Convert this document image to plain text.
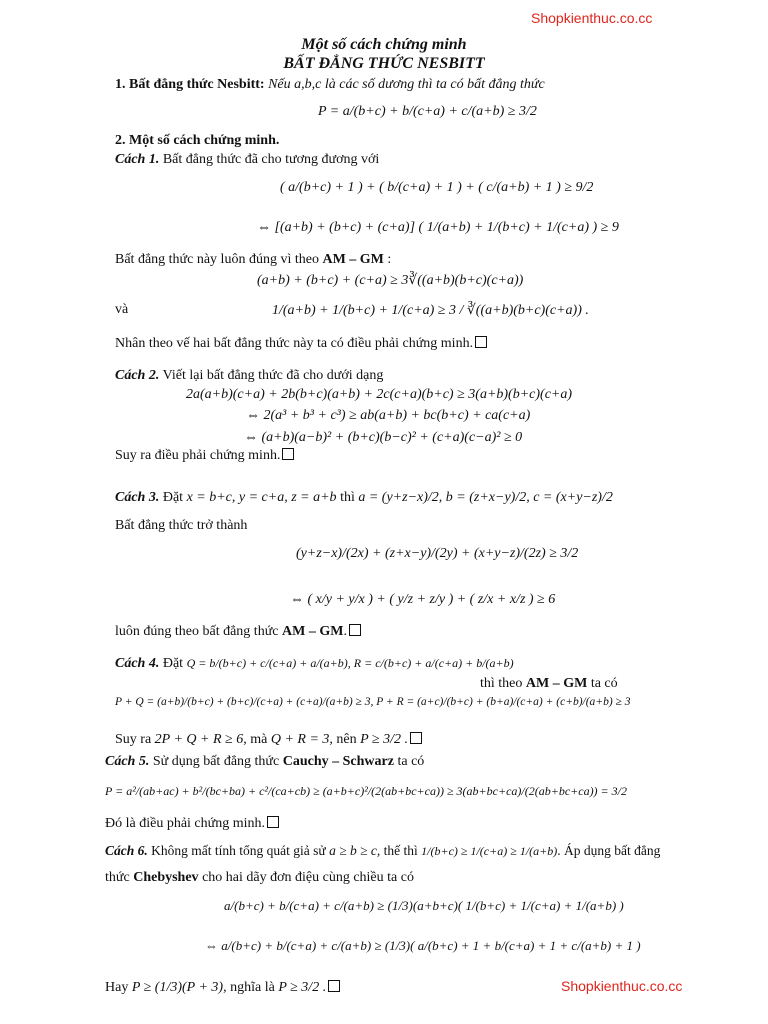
Shopkienthuc.co.cc
Shopkienthuc.co.cc
Một số cách chứng minh
BẤT ĐẲNG THỨC NESBITT
1. Bất đẳng thức Nesbitt: Nếu a,b,c là các số dương thì ta có bất đẳng thức
P = a/(b+c) + b/(c+a) + c/(a+b) ≥ 3/2
2. Một số cách chứng minh.
Cách 1. Bất đẳng thức đã cho tương đương với
( a/(b+c) + 1 ) + ( b/(c+a) + 1 ) + ( c/(a+b) + 1 ) ≥ 9/2
⇔ [(a+b) + (b+c) + (c+a)] ( 1/(a+b) + 1/(b+c) + 1/(c+a) ) ≥ 9
Bất đẳng thức này luôn đúng vì theo AM – GM :
(a+b) + (b+c) + (c+a) ≥ 3∛((a+b)(b+c)(c+a))
và	1/(a+b) + 1/(b+c) + 1/(c+a) ≥ 3 / ∛((a+b)(b+c)(c+a)) .
Nhân theo vế hai bất đẳng thức này ta có điều phải chứng minh.
Cách 2. Viết lại bất đẳng thức đã cho dưới dạng
2a(a+b)(c+a) + 2b(b+c)(a+b) + 2c(c+a)(b+c) ≥ 3(a+b)(b+c)(c+a)
⇔ 2(a³ + b³ + c³) ≥ ab(a+b) + bc(b+c) + ca(c+a)
⇔ (a+b)(a−b)² + (b+c)(b−c)² + (c+a)(c−a)² ≥ 0
Suy ra điều phải chứng minh.
Cách 3. Đặt x = b+c, y = c+a, z = a+b thì a = (y+z−x)/2, b = (z+x−y)/2, c = (x+y−z)/2
Bất đẳng thức trở thành
(y+z−x)/(2x) + (z+x−y)/(2y) + (x+y−z)/(2z) ≥ 3/2
⇔ ( x/y + y/x ) + ( y/z + z/y ) + ( z/x + x/z ) ≥ 6
luôn đúng theo bất đẳng thức AM – GM.
Cách 4. Đặt Q = b/(b+c) + c/(c+a) + a/(a+b), R = c/(b+c) + a/(c+a) + b/(a+b)
thì theo AM – GM ta có
P + Q = (a+b)/(b+c) + (b+c)/(c+a) + (c+a)/(a+b) ≥ 3, P + R = (a+c)/(b+c) + (b+a)/(c+a) + (c+b)/(a+b) ≥ 3
Suy ra 2P + Q + R ≥ 6, mà Q + R = 3, nên P ≥ 3/2 .
Cách 5. Sử dụng bất đẳng thức Cauchy – Schwarz ta có
P = a²/(ab+ac) + b²/(bc+ba) + c²/(ca+cb) ≥ (a+b+c)²/(2(ab+bc+ca)) ≥ 3(ab+bc+ca)/(2(ab+bc+ca)) = 3/2
Đó là điều phải chứng minh.
Cách 6. Không mất tính tổng quát giả sử a ≥ b ≥ c, thế thì 1/(b+c) ≥ 1/(c+a) ≥ 1/(a+b). Áp dụng bất đẳng
thức Chebyshev cho hai dãy đơn điệu cùng chiều ta có
a/(b+c) + b/(c+a) + c/(a+b) ≥ (1/3)(a+b+c)( 1/(b+c) + 1/(c+a) + 1/(a+b) )
⇔ a/(b+c) + b/(c+a) + c/(a+b) ≥ (1/3)( a/(b+c) + 1 + b/(c+a) + 1 + c/(a+b) + 1 )
Hay P ≥ (1/3)(P + 3), nghĩa là P ≥ 3/2 .
